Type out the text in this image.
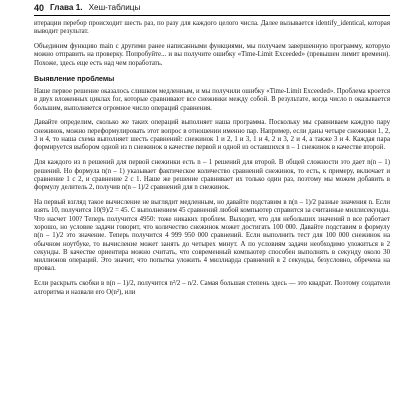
40 Глава 1. Хеш-таблицы

итерации перебор происходит шесть раз, по разу для каждого целого числа. Далее вызывается identify_identical, которая выводит результат.

Объединим функцию main с другими ранее написанными функциями, мы получаем завершенную программу, которую можно отправить на проверку. Попробуйте... и вы получите ошибку «Time-Limit Exceeded» (превышен лимит времени). Похоже, здесь еще есть над чем поработать.

Выявление проблемы

Наше первое решение оказалось слишком медленным, и мы получили ошибку «Time-Limit Exceeded». Проблема кроется в двух вложенных циклах for, которые сравнивают все снежинки между собой. В результате, когда число n оказывается большим, выполняется огромное число операций сравнения.

Давайте определим, сколько же таких операций выполняет наша программа. Поскольку мы сравниваем каждую пару снежинок, можно переформулировать этот вопрос в отношении именно пар. Например, если даны четыре снежинки 1, 2, 3 и 4, то наша схема выполняет шесть сравнений: снежинок 1 и 2, 1 и 3, 1 и 4, 2 и 3, 2 и 4, а также 3 и 4. Каждая пара формируется выбором одной из n снежинок в качестве первой и одной из оставшихся n – 1 снежинок в качестве второй.

Для каждого из n решений для первой снежинки есть n – 1 решений для второй. В общей сложности это дает n(n – 1) решений. Но формула n(n – 1) указывает фактическое количество сравнений снежинок, то есть, к примеру, включает и сравнение 1 с 2, и сравнение 2 с 1. Наше же решение сравнивает их только один раз, поэтому мы можем добавить в формулу делитель 2, получив n(n – 1)/2 сравнений для n снежинок.

На первый взгляд такое вычисление не выглядит медленным, но давайте подставим в n(n – 1)/2 разные значения n. Если взять 10, получится 10(9)/2 = 45. С выполнением 45 сравнений любой компьютер справится за считанные миллисекунды. Что насчет 100? Теперь получится 4950: тоже никаких проблем. Выходит, что для небольших значений n все работает хорошо, но условие задачи говорит, что количество снежинок может достигать 100 000. Давайте подставим в формулу n(n – 1)/2 это значение. Теперь получится 4 999 950 000 сравнений. Если выполнить тест для 100 000 снежинок на обычном ноутбуке, то вычисление может занять до четырех минут. А по условиям задачи необходимо уложиться в 2 секунды. В качестве ориентира можно считать, что современный компьютер способен выполнять в секунду около 30 миллионов операций. Это значит, что попытка уложить 4 миллиарда сравнений в 2 секунды, безусловно, обречена на провал.

Если раскрыть скобки в n(n – 1)/2, получится n²/2 – n/2. Самая большая степень здесь — это квадрат. Поэтому создатели алгоритма и назвали его O(n²), или
